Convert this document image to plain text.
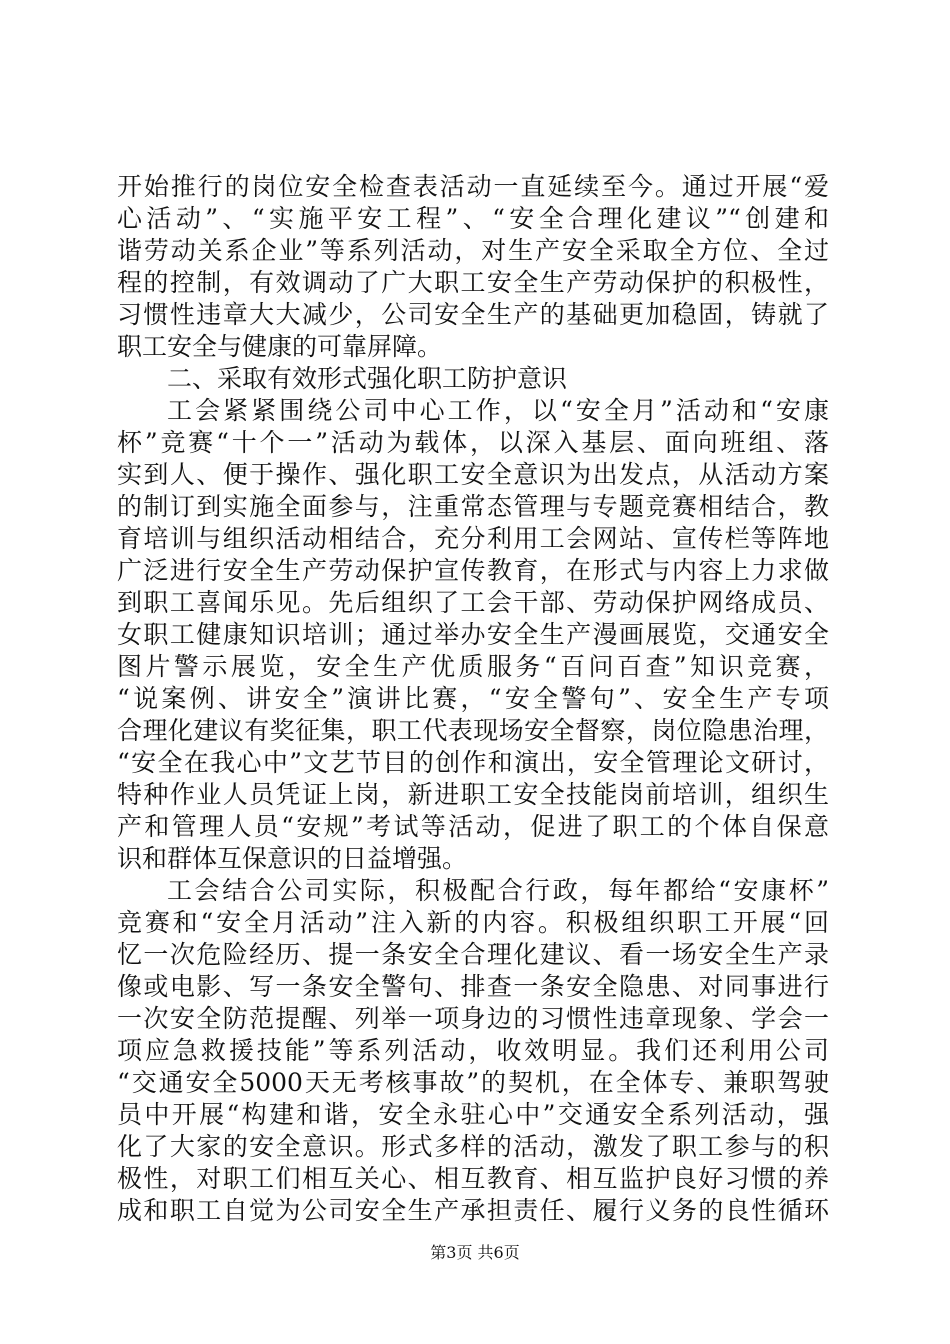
开始推行的岗位安全检查表活动一直延续至今。通过开展“爱
心活动”、“实施平安工程”、“安全合理化建议”“创建和
谐劳动关系企业”等系列活动，对生产安全采取全方位、全过
程的控制，有效调动了广大职工安全生产劳动保护的积极性，
习惯性违章大大减少，公司安全生产的基础更加稳固，铸就了
职工安全与健康的可靠屏障。
二、采取有效形式强化职工防护意识
工会紧紧围绕公司中心工作，以“安全月”活动和“安康
杯”竞赛“十个一”活动为载体，以深入基层、面向班组、落
实到人、便于操作、强化职工安全意识为出发点，从活动方案
的制订到实施全面参与，注重常态管理与专题竞赛相结合，教
育培训与组织活动相结合，充分利用工会网站、宣传栏等阵地
广泛进行安全生产劳动保护宣传教育，在形式与内容上力求做
到职工喜闻乐见。先后组织了工会干部、劳动保护网络成员、
女职工健康知识培训；通过举办安全生产漫画展览，交通安全
图片警示展览，安全生产优质服务“百问百查”知识竞赛，
“说案例、讲安全”演讲比赛，“安全警句”、安全生产专项
合理化建议有奖征集，职工代表现场安全督察，岗位隐患治理，
“安全在我心中”文艺节目的创作和演出，安全管理论文研讨，
特种作业人员凭证上岗，新进职工安全技能岗前培训，组织生
产和管理人员“安规”考试等活动，促进了职工的个体自保意
识和群体互保意识的日益增强。
工会结合公司实际，积极配合行政，每年都给“安康杯”
竞赛和“安全月活动”注入新的内容。积极组织职工开展“回
忆一次危险经历、提一条安全合理化建议、看一场安全生产录
像或电影、写一条安全警句、排查一条安全隐患、对同事进行
一次安全防范提醒、列举一项身边的习惯性违章现象、学会一
项应急救援技能”等系列活动，收效明显。我们还利用公司
“交通安全5000天无考核事故”的契机，在全体专、兼职驾驶
员中开展“构建和谐，安全永驻心中”交通安全系列活动，强
化了大家的安全意识。形式多样的活动，激发了职工参与的积
极性，对职工们相互关心、相互教育、相互监护良好习惯的养
成和职工自觉为公司安全生产承担责任、履行义务的良性循环
第3页 共6页
